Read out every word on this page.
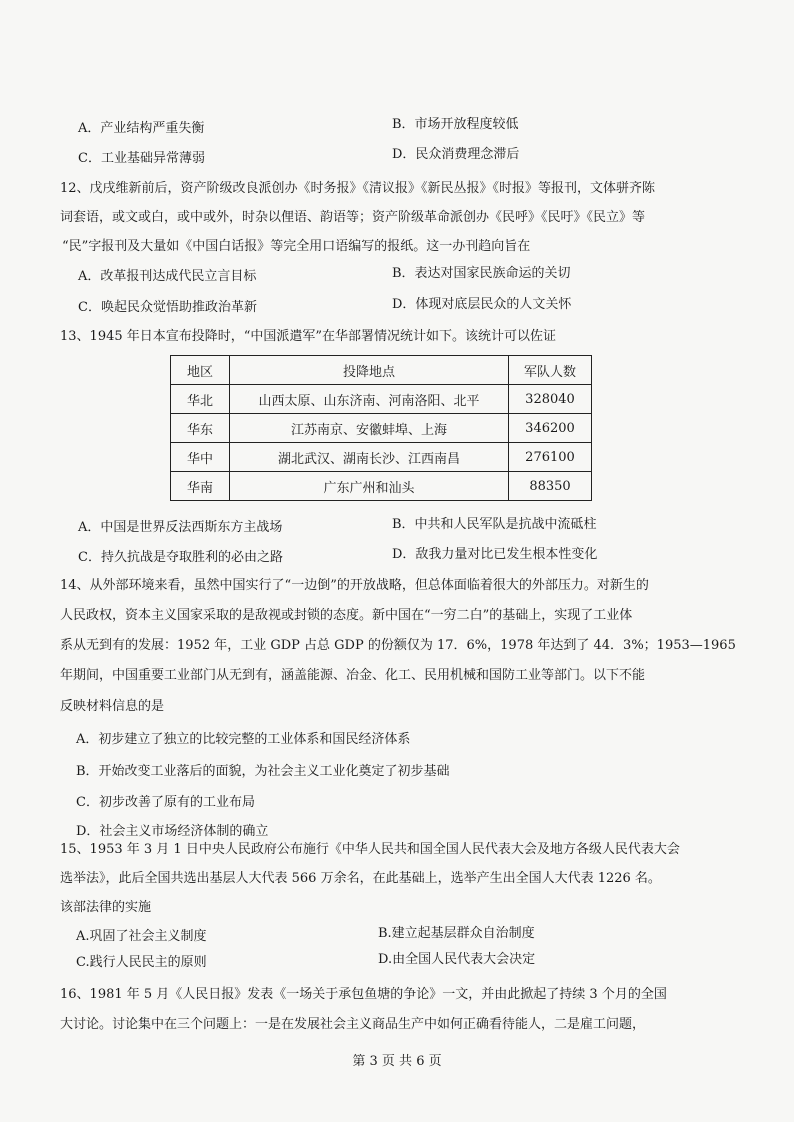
A．产业结构严重失衡	B．市场开放程度较低
C．工业基础异常薄弱	D．民众消费理念滞后
12、戊戌维新前后，资产阶级改良派创办《时务报》《清议报》《新民丛报》《时报》等报刊，文体骈齐陈
词套语，或文或白，或中或外，时杂以俚语、韵语等；资产阶级革命派创办《民呼》《民吁》《民立》等
“民”字报刊及大量如《中国白话报》等完全用口语编写的报纸。这一办刊趋向旨在
A．改革报刊达成代民立言目标	B．表达对国家民族命运的关切
C．唤起民众觉悟助推政治革新	D．体现对底层民众的人文关怀
13、1945 年日本宣布投降时，“中国派遣军”在华部署情况统计如下。该统计可以佐证
地区	投降地点	军队人数
华北	山西太原、山东济南、河南洛阳、北平	328040
华东	江苏南京、安徽蚌埠、上海	346200
华中	湖北武汉、湖南长沙、江西南昌	276100
华南	广东广州和汕头	88350
A．中国是世界反法西斯东方主战场	B．中共和人民军队是抗战中流砥柱
C．持久抗战是夺取胜利的必由之路	D．敌我力量对比已发生根本性变化
14、从外部环境来看，虽然中国实行了“一边倒”的开放战略，但总体面临着很大的外部压力。对新生的
人民政权，资本主义国家采取的是敌视或封锁的态度。新中国在“一穷二白”的基础上，实现了工业体
系从无到有的发展：1952 年，工业 GDP 占总 GDP 的份额仅为 17．6%，1978 年达到了 44．3%；1953—1965
年期间，中国重要工业部门从无到有，涵盖能源、冶金、化工、民用机械和国防工业等部门。以下不能
反映材料信息的是
A．初步建立了独立的比较完整的工业体系和国民经济体系
B．开始改变工业落后的面貌，为社会主义工业化奠定了初步基础
C．初步改善了原有的工业布局
D．社会主义市场经济体制的确立
15、1953 年 3 月 1 日中央人民政府公布施行《中华人民共和国全国人民代表大会及地方各级人民代表大会
选举法》，此后全国共选出基层人大代表 566 万余名，在此基础上，选举产生出全国人大代表 1226 名。
该部法律的实施
A.巩固了社会主义制度	B.建立起基层群众自治制度
C.践行人民民主的原则	D.由全国人民代表大会决定
16、1981 年 5 月《人民日报》发表《一场关于承包鱼塘的争论》一文，并由此掀起了持续 3 个月的全国
大讨论。讨论集中在三个问题上：一是在发展社会主义商品生产中如何正确看待能人，二是雇工问题，
第 3 页 共 6 页
